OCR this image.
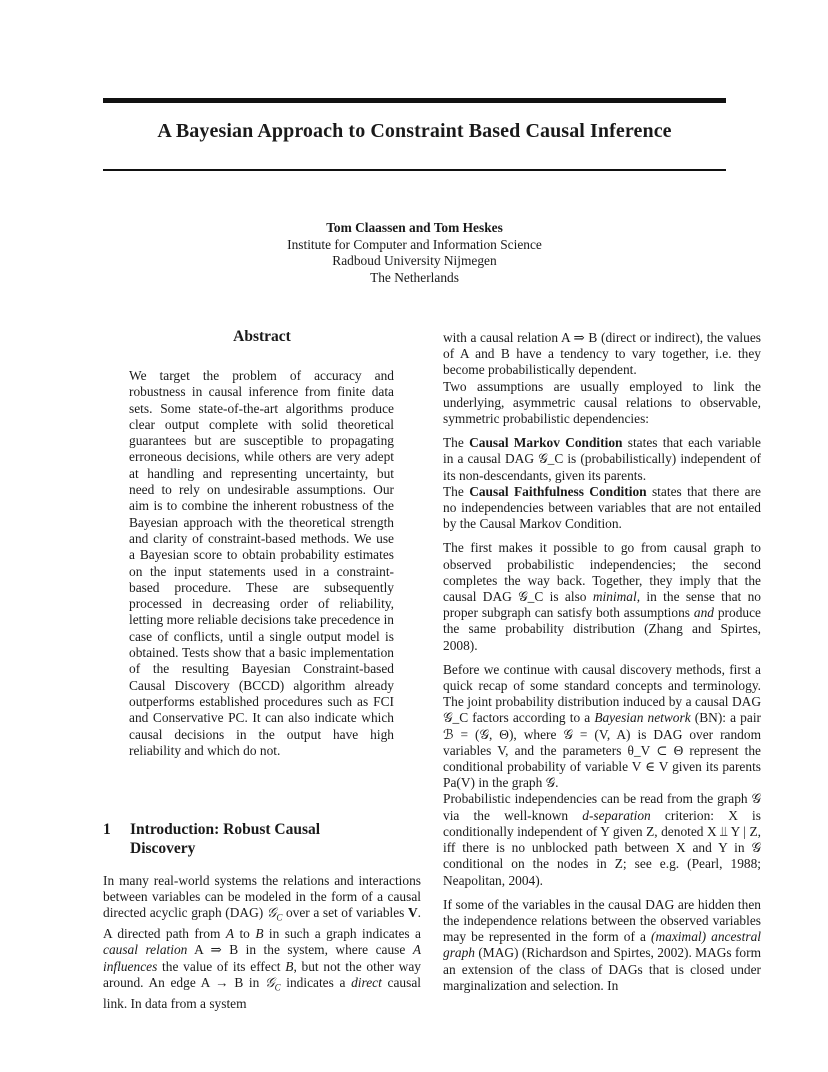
A Bayesian Approach to Constraint Based Causal Inference
Tom Claassen and Tom Heskes
Institute for Computer and Information Science
Radboud University Nijmegen
The Netherlands
Abstract

We target the problem of accuracy and robustness in causal inference from finite data sets. Some state-of-the-art algorithms produce clear output complete with solid theoretical guarantees but are susceptible to propagating erroneous decisions, while others are very adept at handling and representing uncertainty, but need to rely on undesirable assumptions. Our aim is to combine the inherent robustness of the Bayesian approach with the theoretical strength and clarity of constraint-based methods. We use a Bayesian score to obtain probability estimates on the input statements used in a constraint-based procedure. These are subsequently processed in decreasing order of reliability, letting more reliable decisions take precedence in case of conflicts, until a single output model is obtained. Tests show that a basic implementation of the resulting Bayesian Constraint-based Causal Discovery (BCCD) algorithm already outperforms established procedures such as FCI and Conservative PC. It can also indicate which causal decisions in the output have high reliability and which do not.

1 Introduction: Robust Causal
Discovery

In many real-world systems the relations and interactions between variables can be modeled in the form of a causal directed acyclic graph (DAG) 𝒢$_C$ over a set of variables V. A directed path from A to B in such a graph indicates a causal relation A ⇒ B in the system, where cause A influences the value of its effect B, but not the other way around. An edge A → B in 𝒢$_C$ indicates a direct causal link. In data from a system

with a causal relation A ⇒ B (direct or indirect), the values of A and B have a tendency to vary together, i.e. they become probabilistically dependent.

Two assumptions are usually employed to link the underlying, asymmetric causal relations to observable, symmetric probabilistic dependencies:

The Causal Markov Condition states that each variable in a causal DAG 𝒢_C is (probabilistically) independent of its non-descendants, given its parents.

The Causal Faithfulness Condition states that there are no independencies between variables that are not entailed by the Causal Markov Condition.

The first makes it possible to go from causal graph to observed probabilistic independencies; the second completes the way back. Together, they imply that the causal DAG 𝒢_C is also minimal, in the sense that no proper subgraph can satisfy both assumptions and produce the same probability distribution (Zhang and Spirtes, 2008).

Before we continue with causal discovery methods, first a quick recap of some standard concepts and terminology. The joint probability distribution induced by a causal DAG 𝒢_C factors according to a Bayesian network (BN): a pair ℬ = (𝒢, Θ), where 𝒢 = (V, A) is DAG over random variables V, and the parameters θ_V ⊂ Θ represent the conditional probability of variable V ∈ V given its parents Pa(V) in the graph 𝒢.

Probabilistic independencies can be read from the graph 𝒢 via the well-known d-separation criterion: X is conditionally independent of Y given Z, denoted X ⫫ Y | Z, iff there is no unblocked path between X and Y in 𝒢 conditional on the nodes in Z; see e.g. (Pearl, 1988; Neapolitan, 2004).

If some of the variables in the causal DAG are hidden then the independence relations between the observed variables may be represented in the form of a (maximal) ancestral graph (MAG) (Richardson and Spirtes, 2002). MAGs form an extension of the class of DAGs that is closed under marginalization and selection. In
